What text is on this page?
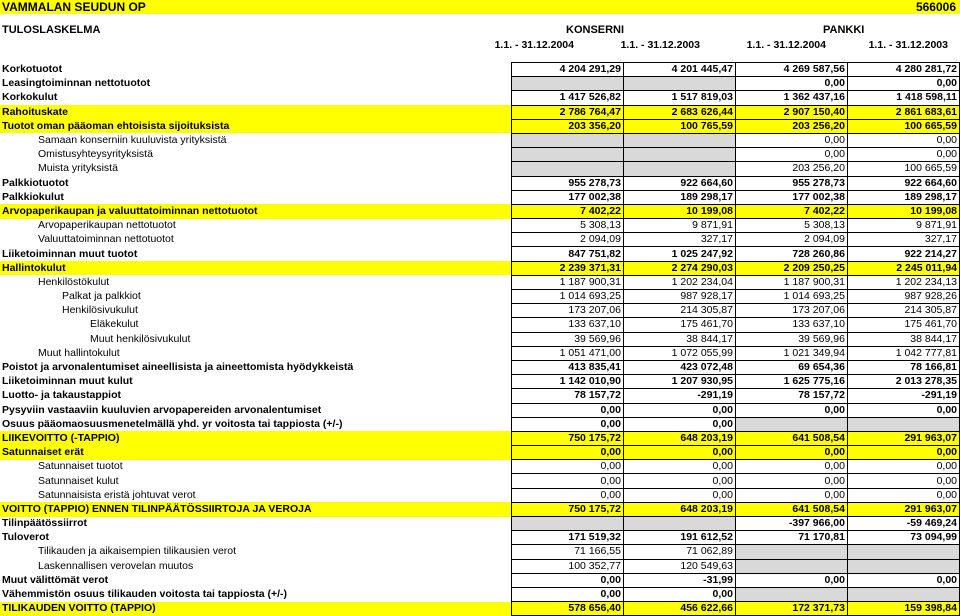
VAMMALAN SEUDUN OP	566006
TULOSLASKELMA	KONSERNI	PANKKI
1.1. - 31.12.2004	1.1. - 31.12.2003	1.1. - 31.12.2004	1.1. - 31.12.2003
Korkotuotot	4 204 291,29	4 201 445,47	4 269 587,56	4 280 281,72
Leasingtoiminnan nettotuotot			0,00	0,00
Korkokulut	1 417 526,82	1 517 819,03	1 362 437,16	1 418 598,11
Rahoituskate	2 786 764,47	2 683 626,44	2 907 150,40	2 861 683,61
Tuotot oman pääoman ehtoisista sijoituksista	203 356,20	100 765,59	203 256,20	100 665,59
Samaan konserniin kuuluvista yrityksistä			0,00	0,00
Omistusyhteysyrityksistä			0,00	0,00
Muista yrityksistä			203 256,20	100 665,59
Palkkiotuotot	955 278,73	922 664,60	955 278,73	922 664,60
Palkkiokulut	177 002,38	189 298,17	177 002,38	189 298,17
Arvopaperikaupan ja valuuttatoiminnan nettotuotot	7 402,22	10 199,08	7 402,22	10 199,08
Arvopaperikaupan nettotuotot	5 308,13	9 871,91	5 308,13	9 871,91
Valuuttatoiminnan nettotuotot	2 094,09	327,17	2 094,09	327,17
Liiketoiminnan muut tuotot	847 751,82	1 025 247,92	728 260,86	922 214,27
Hallintokulut	2 239 371,31	2 274 290,03	2 209 250,25	2 245 011,94
Henkilöstökulut	1 187 900,31	1 202 234,04	1 187 900,31	1 202 234,13
Palkat ja palkkiot	1 014 693,25	987 928,17	1 014 693,25	987 928,26
Henkilösivukulut	173 207,06	214 305,87	173 207,06	214 305,87
Eläkekulut	133 637,10	175 461,70	133 637,10	175 461,70
Muut henkilösivukulut	39 569,96	38 844,17	39 569,96	38 844,17
Muut hallintokulut	1 051 471,00	1 072 055,99	1 021 349,94	1 042 777,81
Poistot ja arvonalentumiset aineellisista ja aineettomista hyödykkeistä	413 835,41	423 072,48	69 654,36	78 166,81
Liiketoiminnan muut kulut	1 142 010,90	1 207 930,95	1 625 775,16	2 013 278,35
Luotto- ja takaustappiot	78 157,72	-291,19	78 157,72	-291,19
Pysyviin vastaaviin kuuluvien arvopapereiden arvonalentumiset	0,00	0,00	0,00	0,00
Osuus pääomaosuusmenetelmällä yhd. yr voitosta tai tappiosta (+/-)	0,00	0,00		
LIIKEVOITTO (-TAPPIO)	750 175,72	648 203,19	641 508,54	291 963,07
Satunnaiset erät	0,00	0,00	0,00	0,00
Satunnaiset tuotot	0,00	0,00	0,00	0,00
Satunnaiset kulut	0,00	0,00	0,00	0,00
Satunnaisista eristä johtuvat verot	0,00	0,00	0,00	0,00
VOITTO (TAPPIO) ENNEN TILINPÄÄTÖSSIIRTOJA JA VEROJA	750 175,72	648 203,19	641 508,54	291 963,07
Tilinpäätössiirrot			-397 966,00	-59 469,24
Tuloverot	171 519,32	191 612,52	71 170,81	73 094,99
Tilikauden ja aikaisempien tilikausien verot	71 166,55	71 062,89		
Laskennallisen verovelan muutos	100 352,77	120 549,63		
Muut välittömät verot	0,00	-31,99	0,00	0,00
Vähemmistön osuus tilikauden voitosta tai tappiosta (+/-)	0,00	0,00		
TILIKAUDEN VOITTO (TAPPIO)	578 656,40	456 622,66	172 371,73	159 398,84
